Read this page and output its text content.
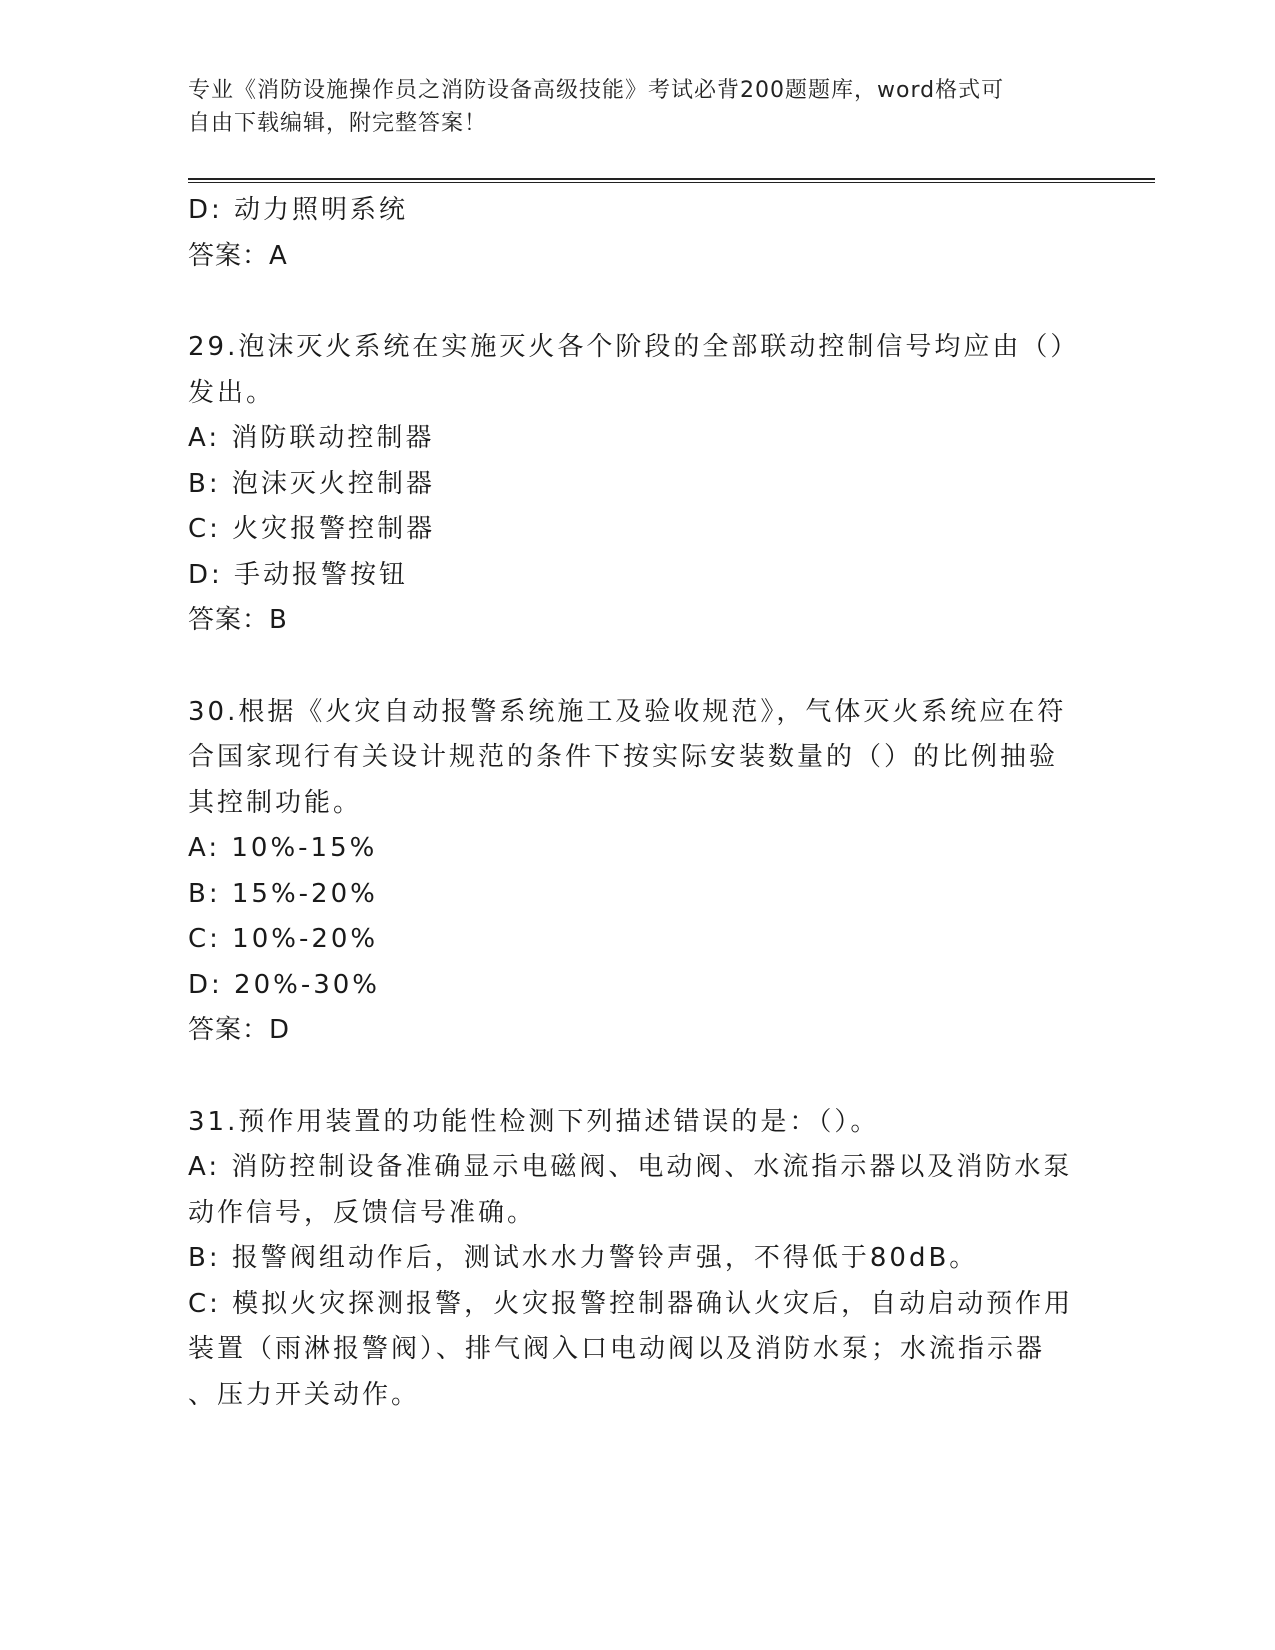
专业《消防设施操作员之消防设备高级技能》考试必背200题题库，word格式可
自由下载编辑，附完整答案！
D: 动力照明系统
答案：A
29.泡沫灭火系统在实施灭火各个阶段的全部联动控制信号均应由（）
发出。
A: 消防联动控制器
B: 泡沫灭火控制器
C: 火灾报警控制器
D: 手动报警按钮
答案：B
30.根据《火灾自动报警系统施工及验收规范》，气体灭火系统应在符
合国家现行有关设计规范的条件下按实际安装数量的（）的比例抽验
其控制功能。
A: 10%-15%
B: 15%-20%
C: 10%-20%
D: 20%-30%
答案：D
31.预作用装置的功能性检测下列描述错误的是：（）。
A: 消防控制设备准确显示电磁阀、电动阀、水流指示器以及消防水泵
动作信号，反馈信号准确。
B: 报警阀组动作后，测试水水力警铃声强，不得低于80dB。
C: 模拟火灾探测报警，火灾报警控制器确认火灾后，自动启动预作用
装置（雨淋报警阀）、排气阀入口电动阀以及消防水泵；水流指示器
、压力开关动作。
